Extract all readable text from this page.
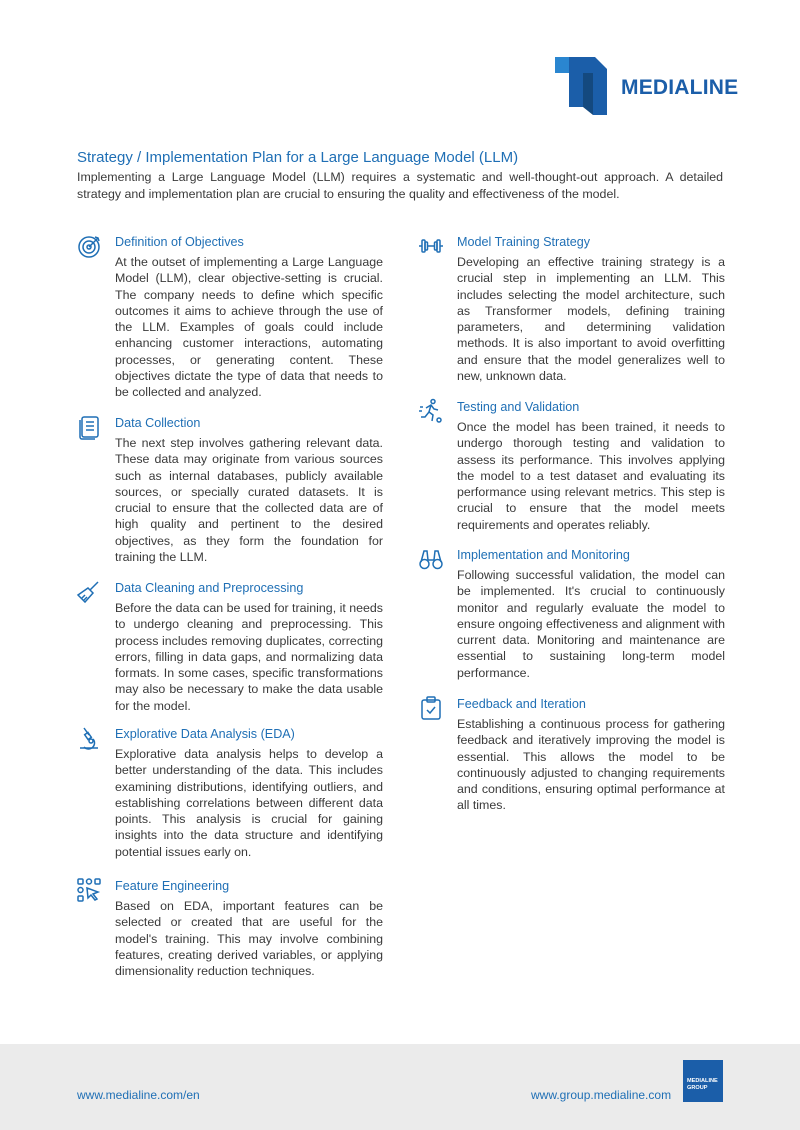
MEDIALINE
Strategy / Implementation Plan for a Large Language Model (LLM)
Implementing a Large Language Model (LLM) requires a systematic and well-thought-out approach. A detailed strategy and implementation plan are crucial to ensuring the quality and effectiveness of the model.
Definition of Objectives

At the outset of implementing a Large Language Model (LLM), clear objective-setting is crucial. The company needs to define which specific outcomes it aims to achieve through the use of the LLM. Examples of goals could include enhancing customer interactions, automating processes, or generating content. These objectives dictate the type of data that needs to be collected and analyzed.

Data Collection

The next step involves gathering relevant data. These data may originate from various sources such as internal databases, publicly available sources, or specially curated datasets. It is crucial to ensure that the collected data are of high quality and pertinent to the desired objectives, as they form the foundation for training the LLM.

Data Cleaning and Preprocessing

Before the data can be used for training, it needs to undergo cleaning and preprocessing. This process includes removing duplicates, correcting errors, filling in data gaps, and normalizing data formats. In some cases, specific transformations may also be necessary to make the data usable for the model.

Explorative Data Analysis (EDA)

Explorative data analysis helps to develop a better understanding of the data. This includes examining distributions, identifying outliers, and establishing correlations between different data points. This analysis is crucial for gaining insights into the data structure and identifying potential issues early on.

Feature Engineering

Based on EDA, important features can be selected or created that are useful for the model's training. This may involve combining features, creating derived variables, or applying dimensionality reduction techniques.

Model Training Strategy

Developing an effective training strategy is a crucial step in implementing an LLM. This includes selecting the model architecture, such as Transformer models, defining training parameters, and determining validation methods. It is also important to avoid overfitting and ensure that the model generalizes well to new, unknown data.

Testing and Validation

Once the model has been trained, it needs to undergo thorough testing and validation to assess its performance. This involves applying the model to a test dataset and evaluating its performance using relevant metrics. This step is crucial to ensure that the model meets requirements and operates reliably.

Implementation and Monitoring

Following successful validation, the model can be implemented. It's crucial to continuously monitor and regularly evaluate the model to ensure ongoing effectiveness and alignment with current data. Monitoring and maintenance are essential to sustaining long-term model performance.

Feedback and Iteration

Establishing a continuous process for gathering feedback and iteratively improving the model is essential. This allows the model to be continuously adjusted to changing requirements and conditions, ensuring optimal performance at all times.

www.medialine.com/en	www.group.medialine.com
MEDIALINE
GROUP
